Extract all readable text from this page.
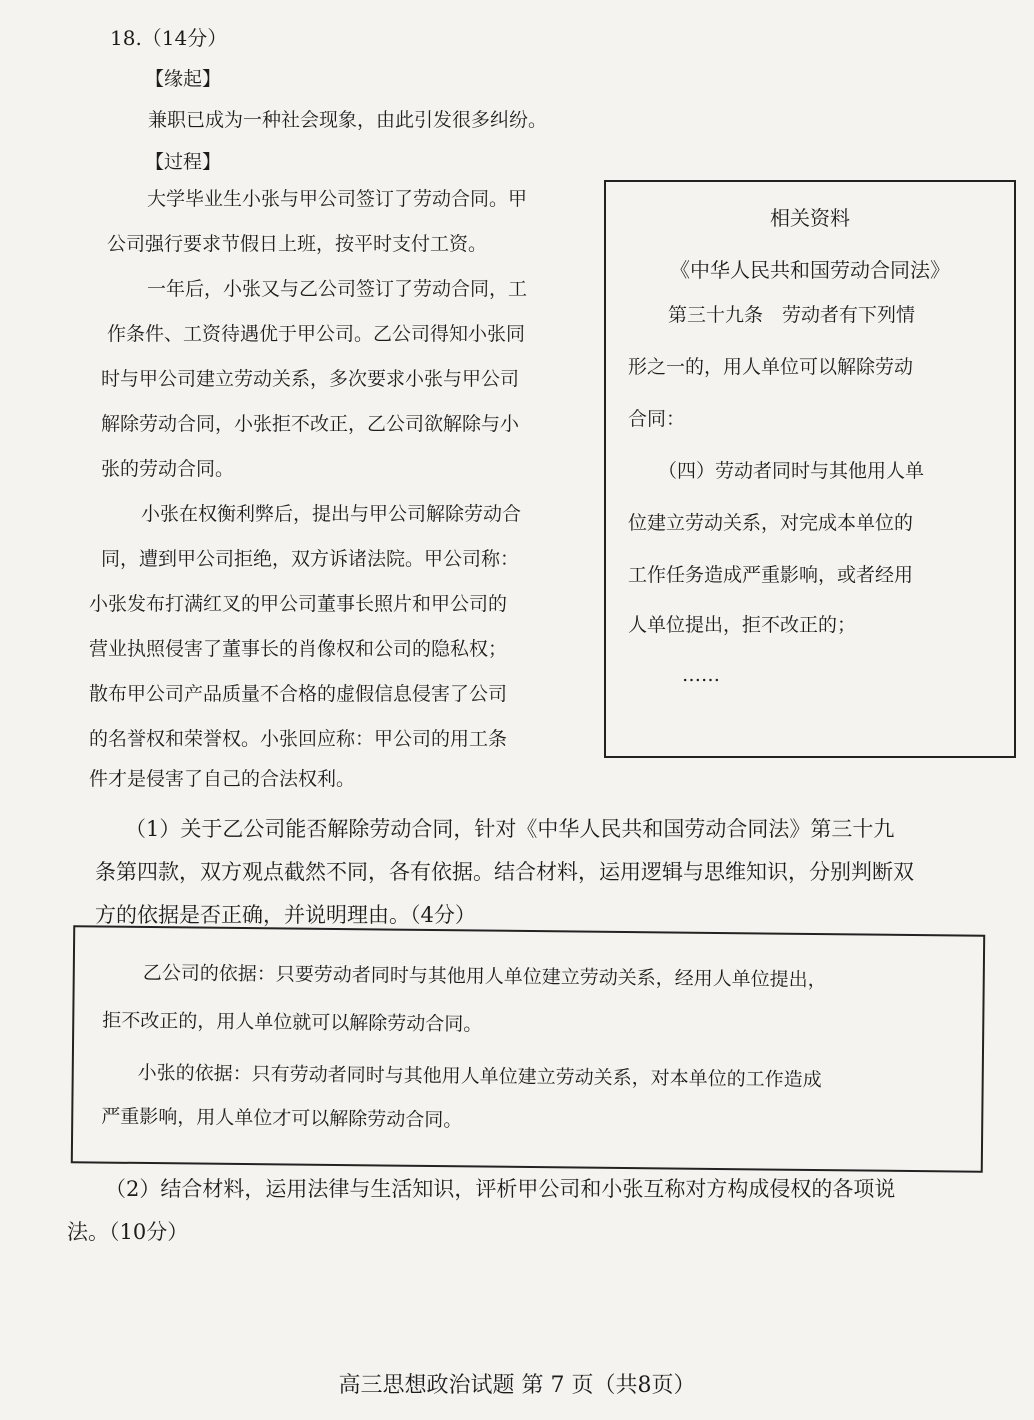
18.（14分）
【缘起】
兼职已成为一种社会现象，由此引发很多纠纷。
【过程】
大学毕业生小张与甲公司签订了劳动合同。甲
公司强行要求节假日上班，按平时支付工资。
一年后，小张又与乙公司签订了劳动合同，工
作条件、工资待遇优于甲公司。乙公司得知小张同
时与甲公司建立劳动关系，多次要求小张与甲公司
解除劳动合同，小张拒不改正，乙公司欲解除与小
张的劳动合同。
小张在权衡利弊后，提出与甲公司解除劳动合
同，遭到甲公司拒绝，双方诉诸法院。甲公司称：
小张发布打满红叉的甲公司董事长照片和甲公司的
营业执照侵害了董事长的肖像权和公司的隐私权；
散布甲公司产品质量不合格的虚假信息侵害了公司
的名誉权和荣誉权。小张回应称：甲公司的用工条
件才是侵害了自己的合法权利。
相关资料
《中华人民共和国劳动合同法》
第三十九条　劳动者有下列情
形之一的，用人单位可以解除劳动
合同：
（四）劳动者同时与其他用人单
位建立劳动关系，对完成本单位的
工作任务造成严重影响，或者经用
人单位提出，拒不改正的；
……
（1）关于乙公司能否解除劳动合同，针对《中华人民共和国劳动合同法》第三十九
条第四款，双方观点截然不同，各有依据。结合材料，运用逻辑与思维知识，分别判断双
方的依据是否正确，并说明理由。（4分）
乙公司的依据：只要劳动者同时与其他用人单位建立劳动关系，经用人单位提出，
拒不改正的，用人单位就可以解除劳动合同。
小张的依据：只有劳动者同时与其他用人单位建立劳动关系，对本单位的工作造成
严重影响，用人单位才可以解除劳动合同。
（2）结合材料，运用法律与生活知识，评析甲公司和小张互称对方构成侵权的各项说
法。（10分）
高三思想政治试题 第 7 页（共8页）
